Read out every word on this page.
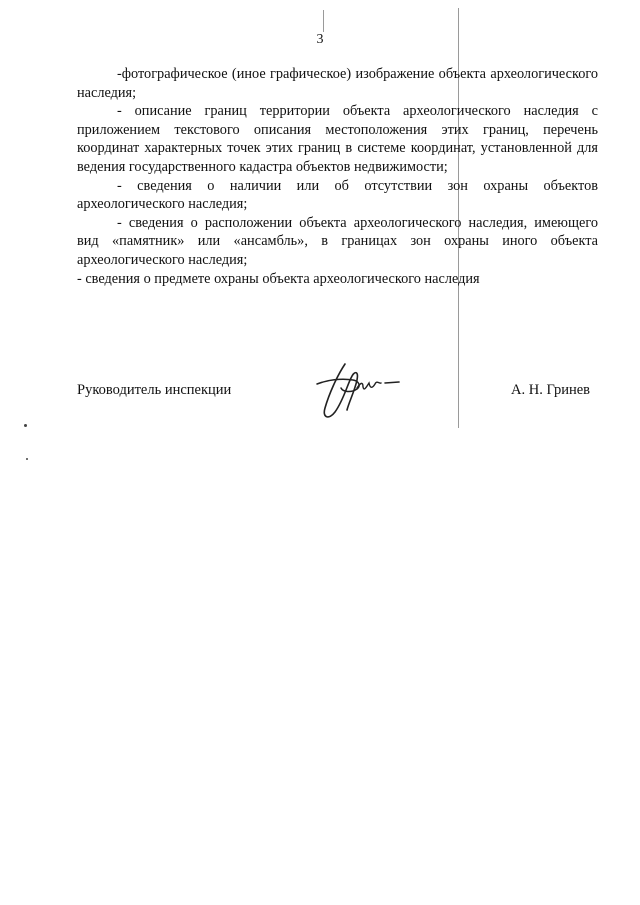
3

-фотографическое (иное графическое) изображение объекта археологического наследия;

- описание границ территории объекта археологического наследия с приложением текстового описания местоположения этих границ, перечень координат характерных точек этих границ в системе координат, установленной для ведения государственного кадастра объектов недвижимости;

- сведения о наличии или об отсутствии зон охраны объектов археологического наследия;

- сведения о расположении объекта археологического наследия, имеющего вид «памятник» или «ансамбль», в границах зон охраны иного объекта археологического наследия;

- сведения о предмете охраны объекта археологического наследия

Руководитель инспекции	А. Н. Гринев
